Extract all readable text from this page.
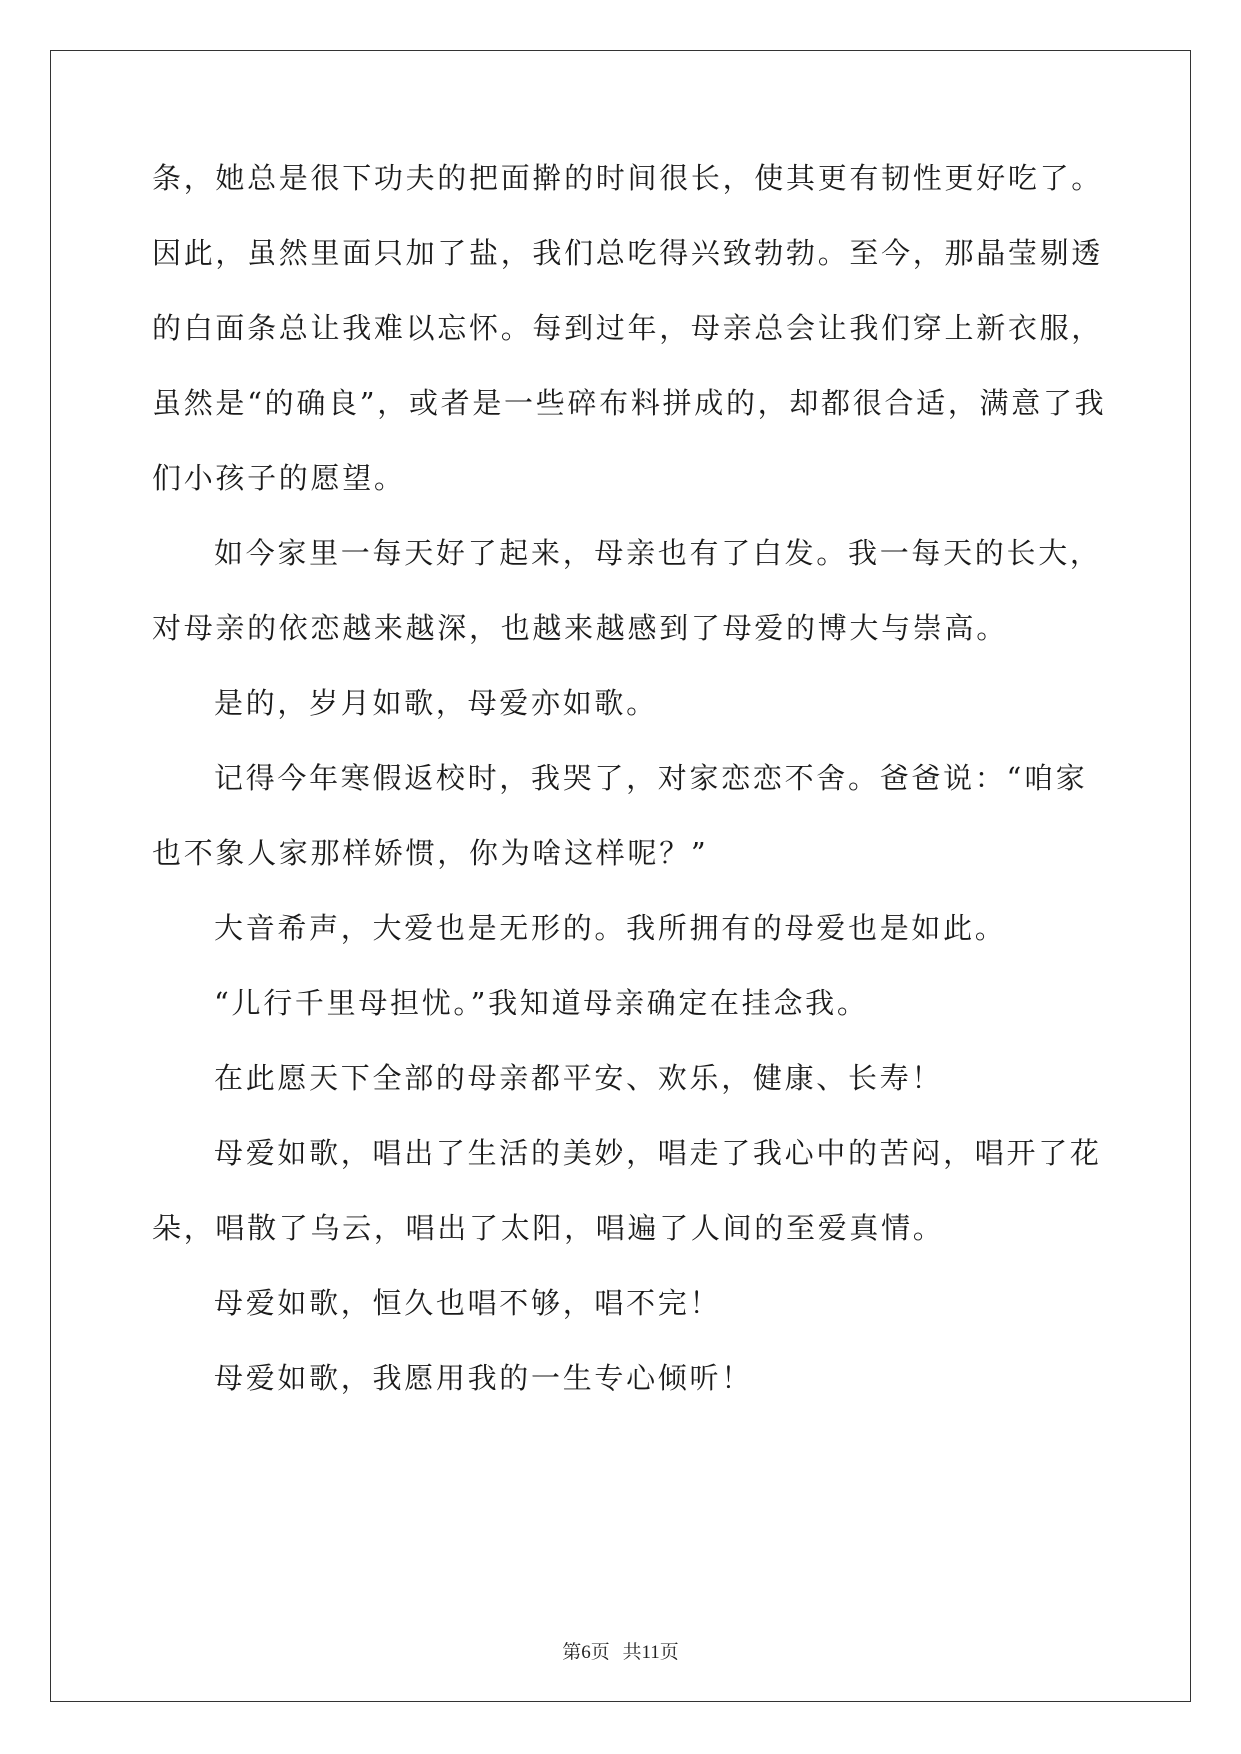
条，她总是很下功夫的把面擀的时间很长，使其更有韧性更好吃了。
因此，虽然里面只加了盐，我们总吃得兴致勃勃。至今，那晶莹剔透
的白面条总让我难以忘怀。每到过年，母亲总会让我们穿上新衣服，
虽然是“的确良”，或者是一些碎布料拼成的，却都很合适，满意了我
们小孩子的愿望。
如今家里一每天好了起来，母亲也有了白发。我一每天的长大，
对母亲的依恋越来越深，也越来越感到了母爱的博大与崇高。
是的，岁月如歌，母爱亦如歌。
记得今年寒假返校时，我哭了，对家恋恋不舍。爸爸说：“咱家
也不象人家那样娇惯，你为啥这样呢？”
大音希声，大爱也是无形的。我所拥有的母爱也是如此。
“儿行千里母担忧。”我知道母亲确定在挂念我。
在此愿天下全部的母亲都平安、欢乐，健康、长寿！
母爱如歌，唱出了生活的美妙，唱走了我心中的苦闷，唱开了花
朵，唱散了乌云，唱出了太阳，唱遍了人间的至爱真情。
母爱如歌，恒久也唱不够，唱不完！
母爱如歌，我愿用我的一生专心倾听！
第6页 共11页
